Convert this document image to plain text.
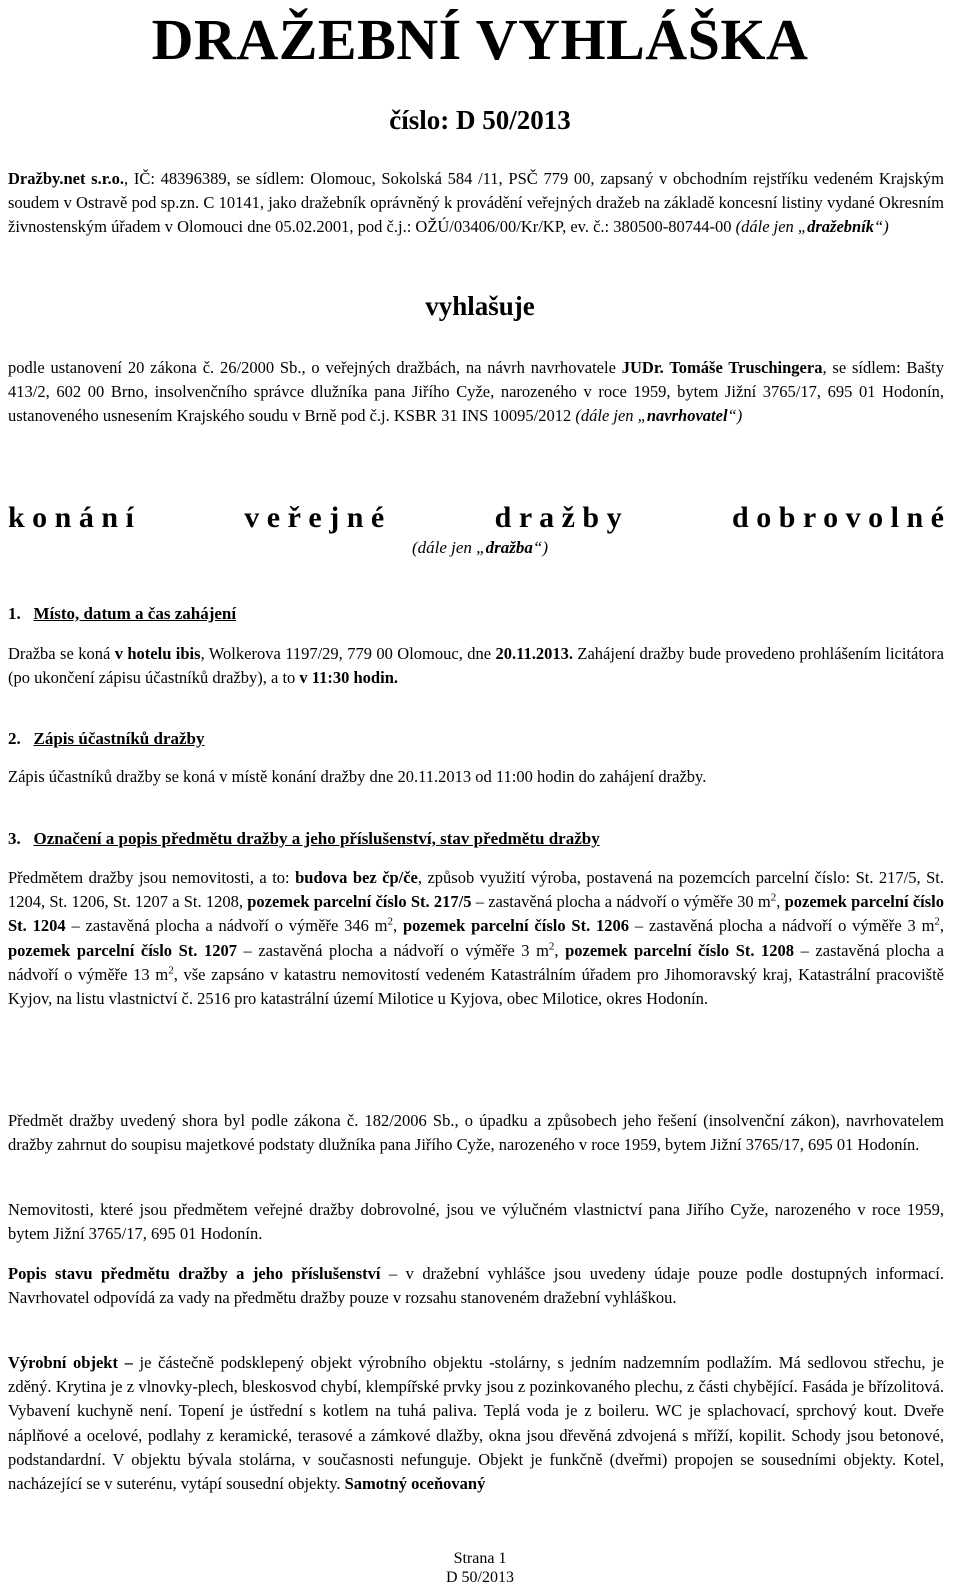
DRAŽEBNÍ VYHLÁŠKA
číslo: D 50/2013

Dražby.net s.r.o., IČ: 48396389, se sídlem: Olomouc, Sokolská 584 /11, PSČ 779 00, zapsaný v obchodním rejstříku vedeném Krajským soudem v Ostravě pod sp.zn. C 10141, jako dražebník oprávněný k provádění veřejných dražeb na základě koncesní listiny vydané Okresním živnostenským úřadem v Olomouci dne 05.02.2001, pod č.j.: OŽÚ/03406/00/Kr/KP, ev. č.: 380500-80744-00 (dále jen „dražebník“)

vyhlašuje

podle ustanovení 20 zákona č. 26/2000 Sb., o veřejných dražbách, na návrh navrhovatele JUDr. Tomáše Truschingera, se sídlem: Bašty 413/2, 602 00 Brno, insolvenčního správce dlužníka pana Jiřího Cyže, narozeného v roce 1959, bytem Jižní 3765/17, 695 01 Hodonín, ustanoveného usnesením Krajského soudu v Brně pod č.j. KSBR 31 INS 10095/2012 (dále jen „navrhovatel“)

k o n á n í	v e ř e j n é	d r a ž b y	d o b r o v o l n é
(dále jen „dražba“)
1. Místo, datum a čas zahájení

Dražba se koná v hotelu ibis, Wolkerova 1197/29, 779 00 Olomouc, dne 20.11.2013. Zahájení dražby bude provedeno prohlášením licitátora (po ukončení zápisu účastníků dražby), a to v 11:30 hodin.

2. Zápis účastníků dražby

Zápis účastníků dražby se koná v místě konání dražby dne 20.11.2013 od 11:00 hodin do zahájení dražby.

3. Označení a popis předmětu dražby a jeho příslušenství, stav předmětu dražby

Předmětem dražby jsou nemovitosti, a to: budova bez čp/če, způsob využití výroba, postavená na pozemcích parcelní číslo: St. 217/5, St. 1204, St. 1206, St. 1207 a St. 1208, pozemek parcelní číslo St. 217/5 – zastavěná plocha a nádvoří o výměře 30 $m^2$, pozemek parcelní číslo St. 1204 – zastavěná plocha a nádvoří o výměře 346 $m^2$, pozemek parcelní číslo St. 1206 – zastavěná plocha a nádvoří o výměře 3 $m^2$, pozemek parcelní číslo St. 1207 – zastavěná plocha a nádvoří o výměře 3 $m^2$, pozemek parcelní číslo St. 1208 – zastavěná plocha a nádvoří o výměře 13 $m^2$, vše zapsáno v katastru nemovitostí vedeném Katastrálním úřadem pro Jihomoravský kraj, Katastrální pracoviště Kyjov, na listu vlastnictví č. 2516 pro katastrální území Milotice u Kyjova, obec Milotice, okres Hodonín.

Předmět dražby uvedený shora byl podle zákona č. 182/2006 Sb., o úpadku a způsobech jeho řešení (insolvenční zákon), navrhovatelem dražby zahrnut do soupisu majetkové podstaty dlužníka pana Jiřího Cyže, narozeného v roce 1959, bytem Jižní 3765/17, 695 01 Hodonín.

Nemovitosti, které jsou předmětem veřejné dražby dobrovolné, jsou ve výlučném vlastnictví pana Jiřího Cyže, narozeného v roce 1959, bytem Jižní 3765/17, 695 01 Hodonín.

Popis stavu předmětu dražby a jeho příslušenství – v dražební vyhlášce jsou uvedeny údaje pouze podle dostupných informací. Navrhovatel odpovídá za vady na předmětu dražby pouze v rozsahu stanoveném dražební vyhláškou.

Výrobní objekt – je částečně podsklepený objekt výrobního objektu -stolárny, s jedním nadzemním podlažím. Má sedlovou střechu, je zděný. Krytina je z vlnovky-plech, bleskosvod chybí, klempířské prvky jsou z pozinkovaného plechu, z části chybějící. Fasáda je břízolitová. Vybavení kuchyně není. Topení je ústřední s kotlem na tuhá paliva. Teplá voda je z boileru. WC je splachovací, sprchový kout. Dveře náplňové a ocelové, podlahy z keramické, terasové a zámkové dlažby, okna jsou dřevěná zdvojená s mříží, kopilit. Schody jsou betonové, podstandardní. V objektu bývala stolárna, v současnosti nefunguje. Objekt je funkčně (dveřmi) propojen se sousedními objekty. Kotel, nacházející se v suterénu, vytápí sousední objekty. Samotný oceňovaný

Strana 1
D 50/2013
